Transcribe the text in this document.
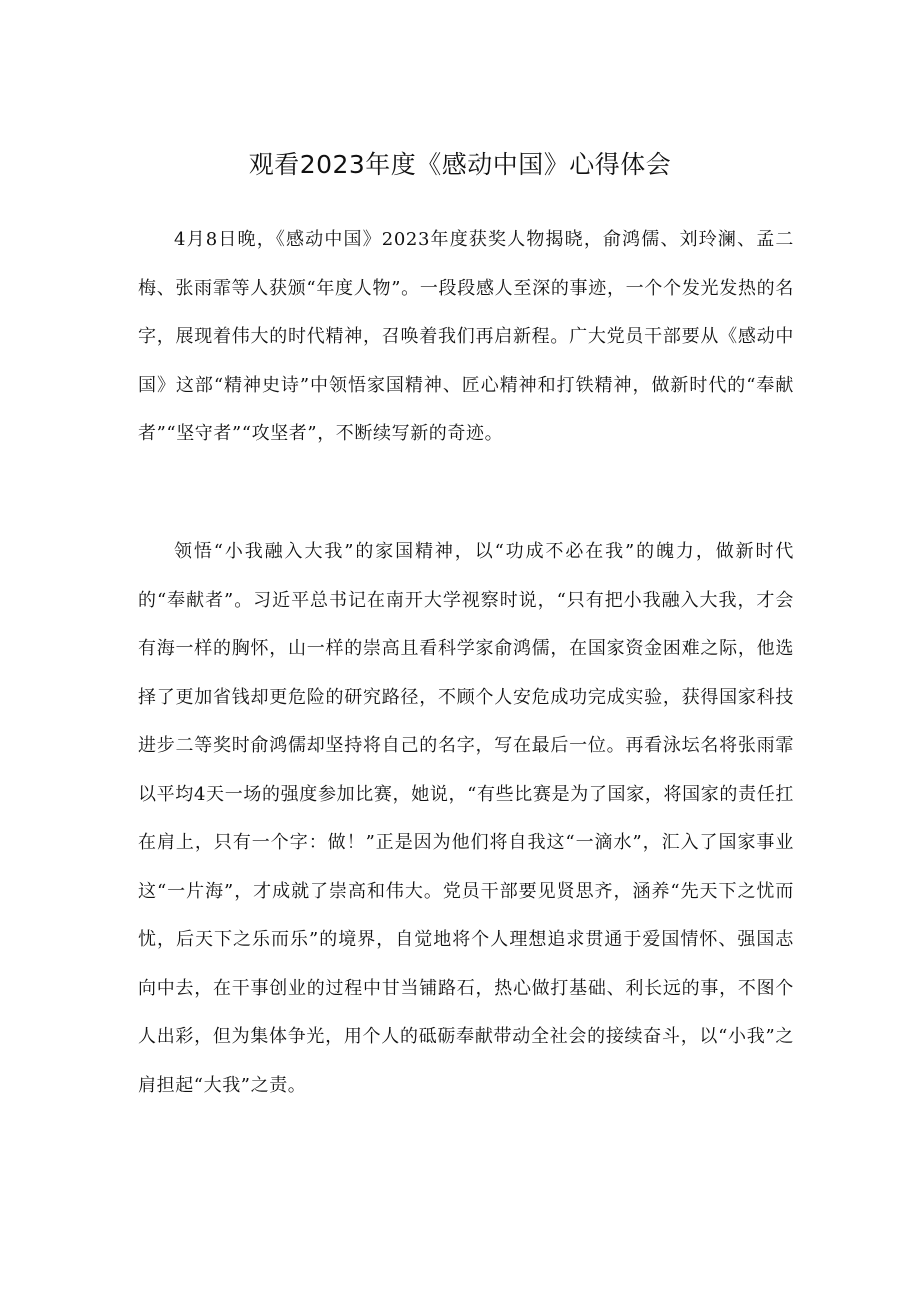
观看2023年度《感动中国》心得体会

4月8日晚，《感动中国》2023年度获奖人物揭晓，俞鸿儒、刘玲澜、孟二梅、张雨霏等人获颁“年度人物”。一段段感人至深的事迹，一个个发光发热的名字，展现着伟大的时代精神，召唤着我们再启新程。广大党员干部要从《感动中国》这部“精神史诗”中领悟家国精神、匠心精神和打铁精神，做新时代的“奉献者”“坚守者”“攻坚者”，不断续写新的奇迹。

领悟“小我融入大我”的家国精神，以“功成不必在我”的魄力，做新时代的“奉献者”。习近平总书记在南开大学视察时说，“只有把小我融入大我，才会有海一样的胸怀，山一样的崇高且看科学家俞鸿儒，在国家资金困难之际，他选择了更加省钱却更危险的研究路径，不顾个人安危成功完成实验，获得国家科技进步二等奖时俞鸿儒却坚持将自己的名字，写在最后一位。再看泳坛名将张雨霏以平均4天一场的强度参加比赛，她说，“有些比赛是为了国家，将国家的责任扛在肩上，只有一个字：做！”正是因为他们将自我这“一滴水”，汇入了国家事业这“一片海”，才成就了崇高和伟大。党员干部要见贤思齐，涵养“先天下之忧而忧，后天下之乐而乐”的境界，自觉地将个人理想追求贯通于爱国情怀、强国志向中去，在干事创业的过程中甘当铺路石，热心做打基础、利长远的事，不图个人出彩，但为集体争光，用个人的砥砺奉献带动全社会的接续奋斗，以“小我”之肩担起“大我”之责。
